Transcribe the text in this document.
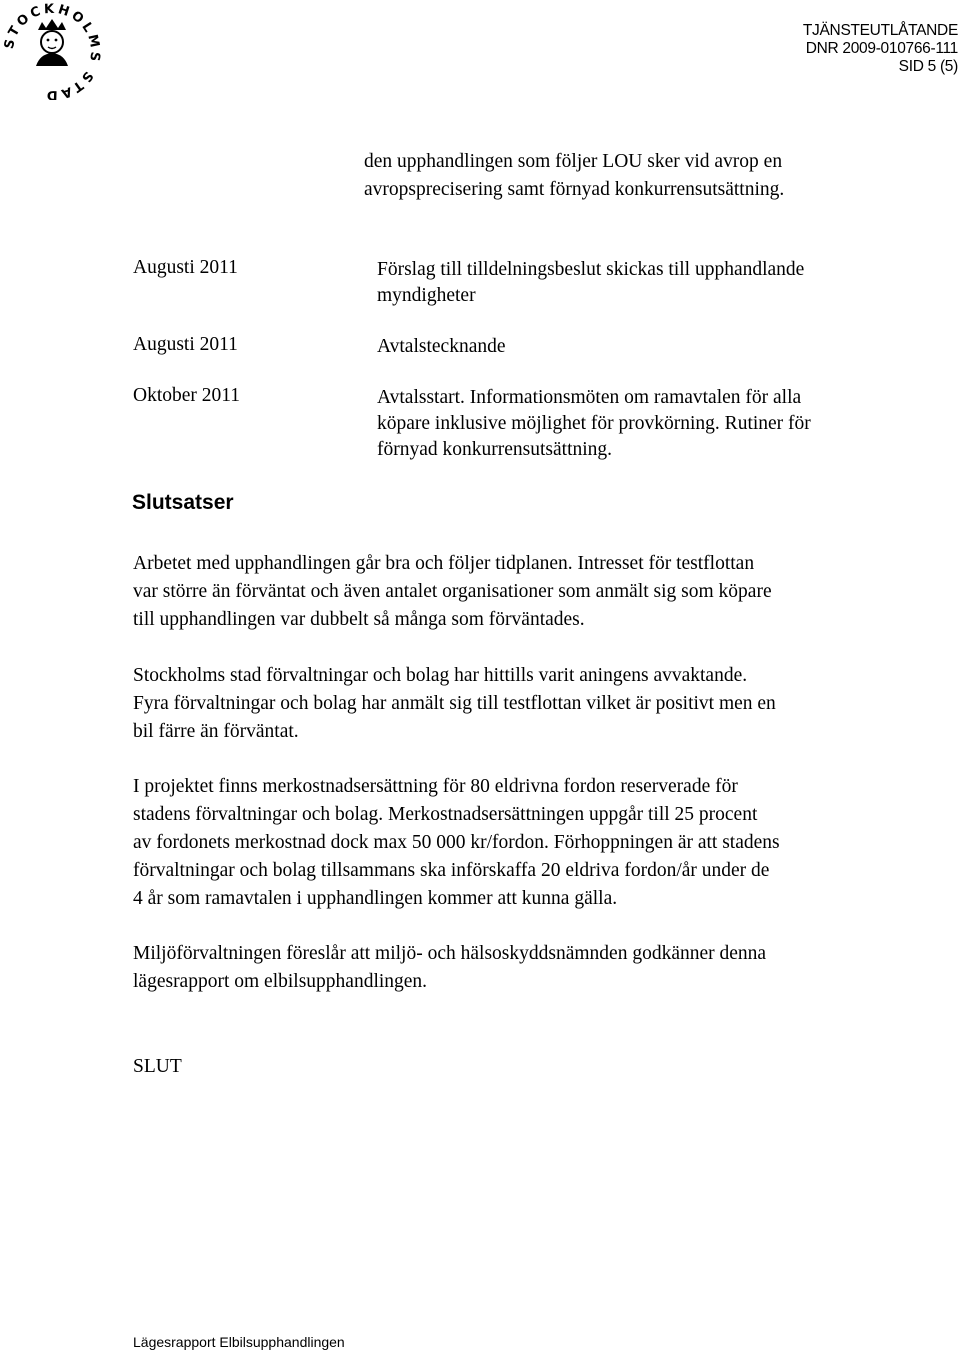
STOCKHOLMS STAD
TJÄNSTEUTLÅTANDE
DNR 2009-010766-111
SID 5 (5)
den upphandlingen som följer LOU sker vid avrop en
avropsprecisering samt förnyad konkurrensutsättning.
Augusti 2011	Förslag till tilldelningsbeslut skickas till upphandlande
myndigheter
Augusti 2011	Avtalstecknande
Oktober 2011	Avtalsstart. Informationsmöten om ramavtalen för alla
köpare inklusive möjlighet för provkörning. Rutiner för
förnyad konkurrensutsättning.
Slutsatser
Arbetet med upphandlingen går bra och följer tidplanen. Intresset för testflottan
var större än förväntat och även antalet organisationer som anmält sig som köpare
till upphandlingen var dubbelt så många som förväntades.
Stockholms stad förvaltningar och bolag har hittills varit aningens avvaktande.
Fyra förvaltningar och bolag har anmält sig till testflottan vilket är positivt men en
bil färre än förväntat.
I projektet finns merkostnadsersättning för 80 eldrivna fordon reserverade för
stadens förvaltningar och bolag. Merkostnadsersättningen uppgår till 25 procent
av fordonets merkostnad dock max 50 000 kr/fordon. Förhoppningen är att stadens
förvaltningar och bolag tillsammans ska införskaffa 20 eldriva fordon/år under de
4 år som ramavtalen i upphandlingen kommer att kunna gälla.
Miljöförvaltningen föreslår att miljö- och hälsoskyddsnämnden godkänner denna
lägesrapport om elbilsupphandlingen.
SLUT
Lägesrapport Elbilsupphandlingen
